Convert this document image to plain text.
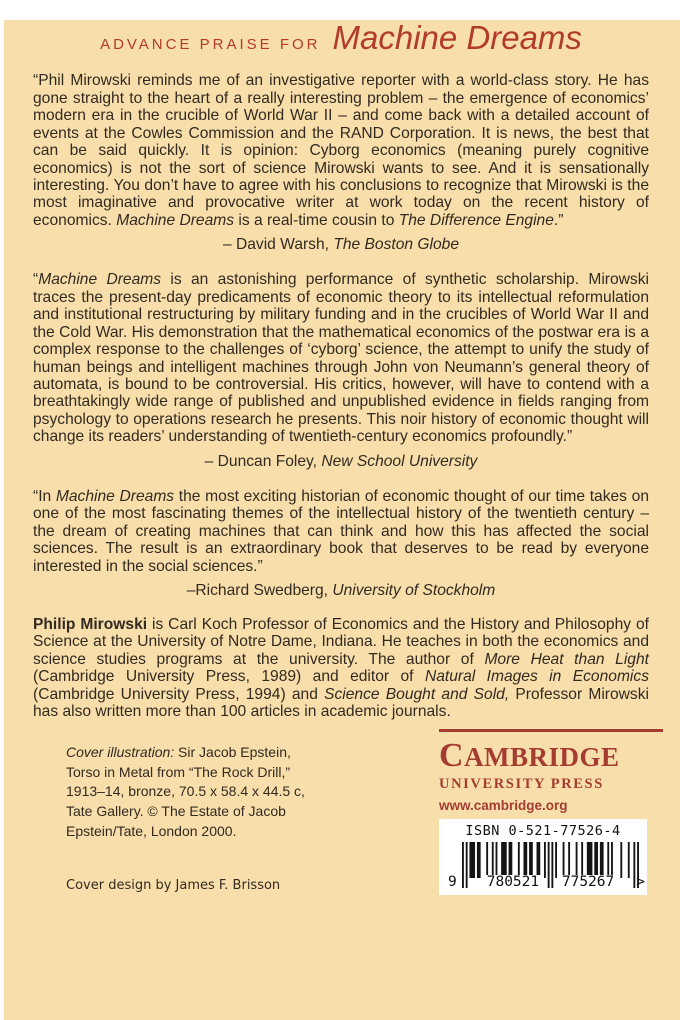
ADVANCE PRAISE FOR Machine Dreams

“Phil Mirowski reminds me of an investigative reporter with a world-class story. He has gone straight to the heart of a really interesting problem – the emergence of economics’ modern era in the crucible of World War II – and come back with a detailed account of events at the Cowles Commission and the RAND Corporation. It is news, the best that can be said quickly. It is opinion: Cyborg economics (meaning purely cognitive economics) is not the sort of science Mirowski wants to see. And it is sensationally interesting. You don’t have to agree with his conclusions to recognize that Mirowski is the most imaginative and provocative writer at work today on the recent history of economics. Machine Dreams is a real-time cousin to The Difference Engine.”

– David Warsh, The Boston Globe

“Machine Dreams is an astonishing performance of synthetic scholarship. Mirowski traces the present-day predicaments of economic theory to its intellectual reformulation and institutional restructuring by military funding and in the crucibles of World War II and the Cold War. His demonstration that the mathematical economics of the postwar era is a complex response to the challenges of ‘cyborg’ science, the attempt to unify the study of human beings and intelligent machines through John von Neumann’s general theory of automata, is bound to be controversial. His critics, however, will have to contend with a breathtakingly wide range of published and unpublished evidence in fields ranging from psychology to operations research he presents. This noir history of economic thought will change its readers’ understanding of twentieth-century economics profoundly.”

– Duncan Foley, New School University

“In Machine Dreams the most exciting historian of economic thought of our time takes on one of the most fascinating themes of the intellectual history of the twentieth century – the dream of creating machines that can think and how this has affected the social sciences. The result is an extraordinary book that deserves to be read by everyone interested in the social sciences.”

–Richard Swedberg, University of Stockholm

Philip Mirowski is Carl Koch Professor of Economics and the History and Philosophy of Science at the University of Notre Dame, Indiana. He teaches in both the economics and science studies programs at the university. The author of More Heat than Light (Cambridge University Press, 1989) and editor of Natural Images in Economics (Cambridge University Press, 1994) and Science Bought and Sold, Professor Mirowski has also written more than 100 articles in academic journals.

Cover illustration: Sir Jacob Epstein,
Torso in Metal from “The Rock Drill,”
1913–14, bronze, 70.5 x 58.4 x 44.5 c,
Tate Gallery. © The Estate of Jacob
Epstein/Tate, London 2000.
Cover design by James F. Brisson
CAMBRIDGE
UNIVERSITY PRESS
www.cambridge.org
ISBN 0-521-77526-4
9 780521 775267 >
